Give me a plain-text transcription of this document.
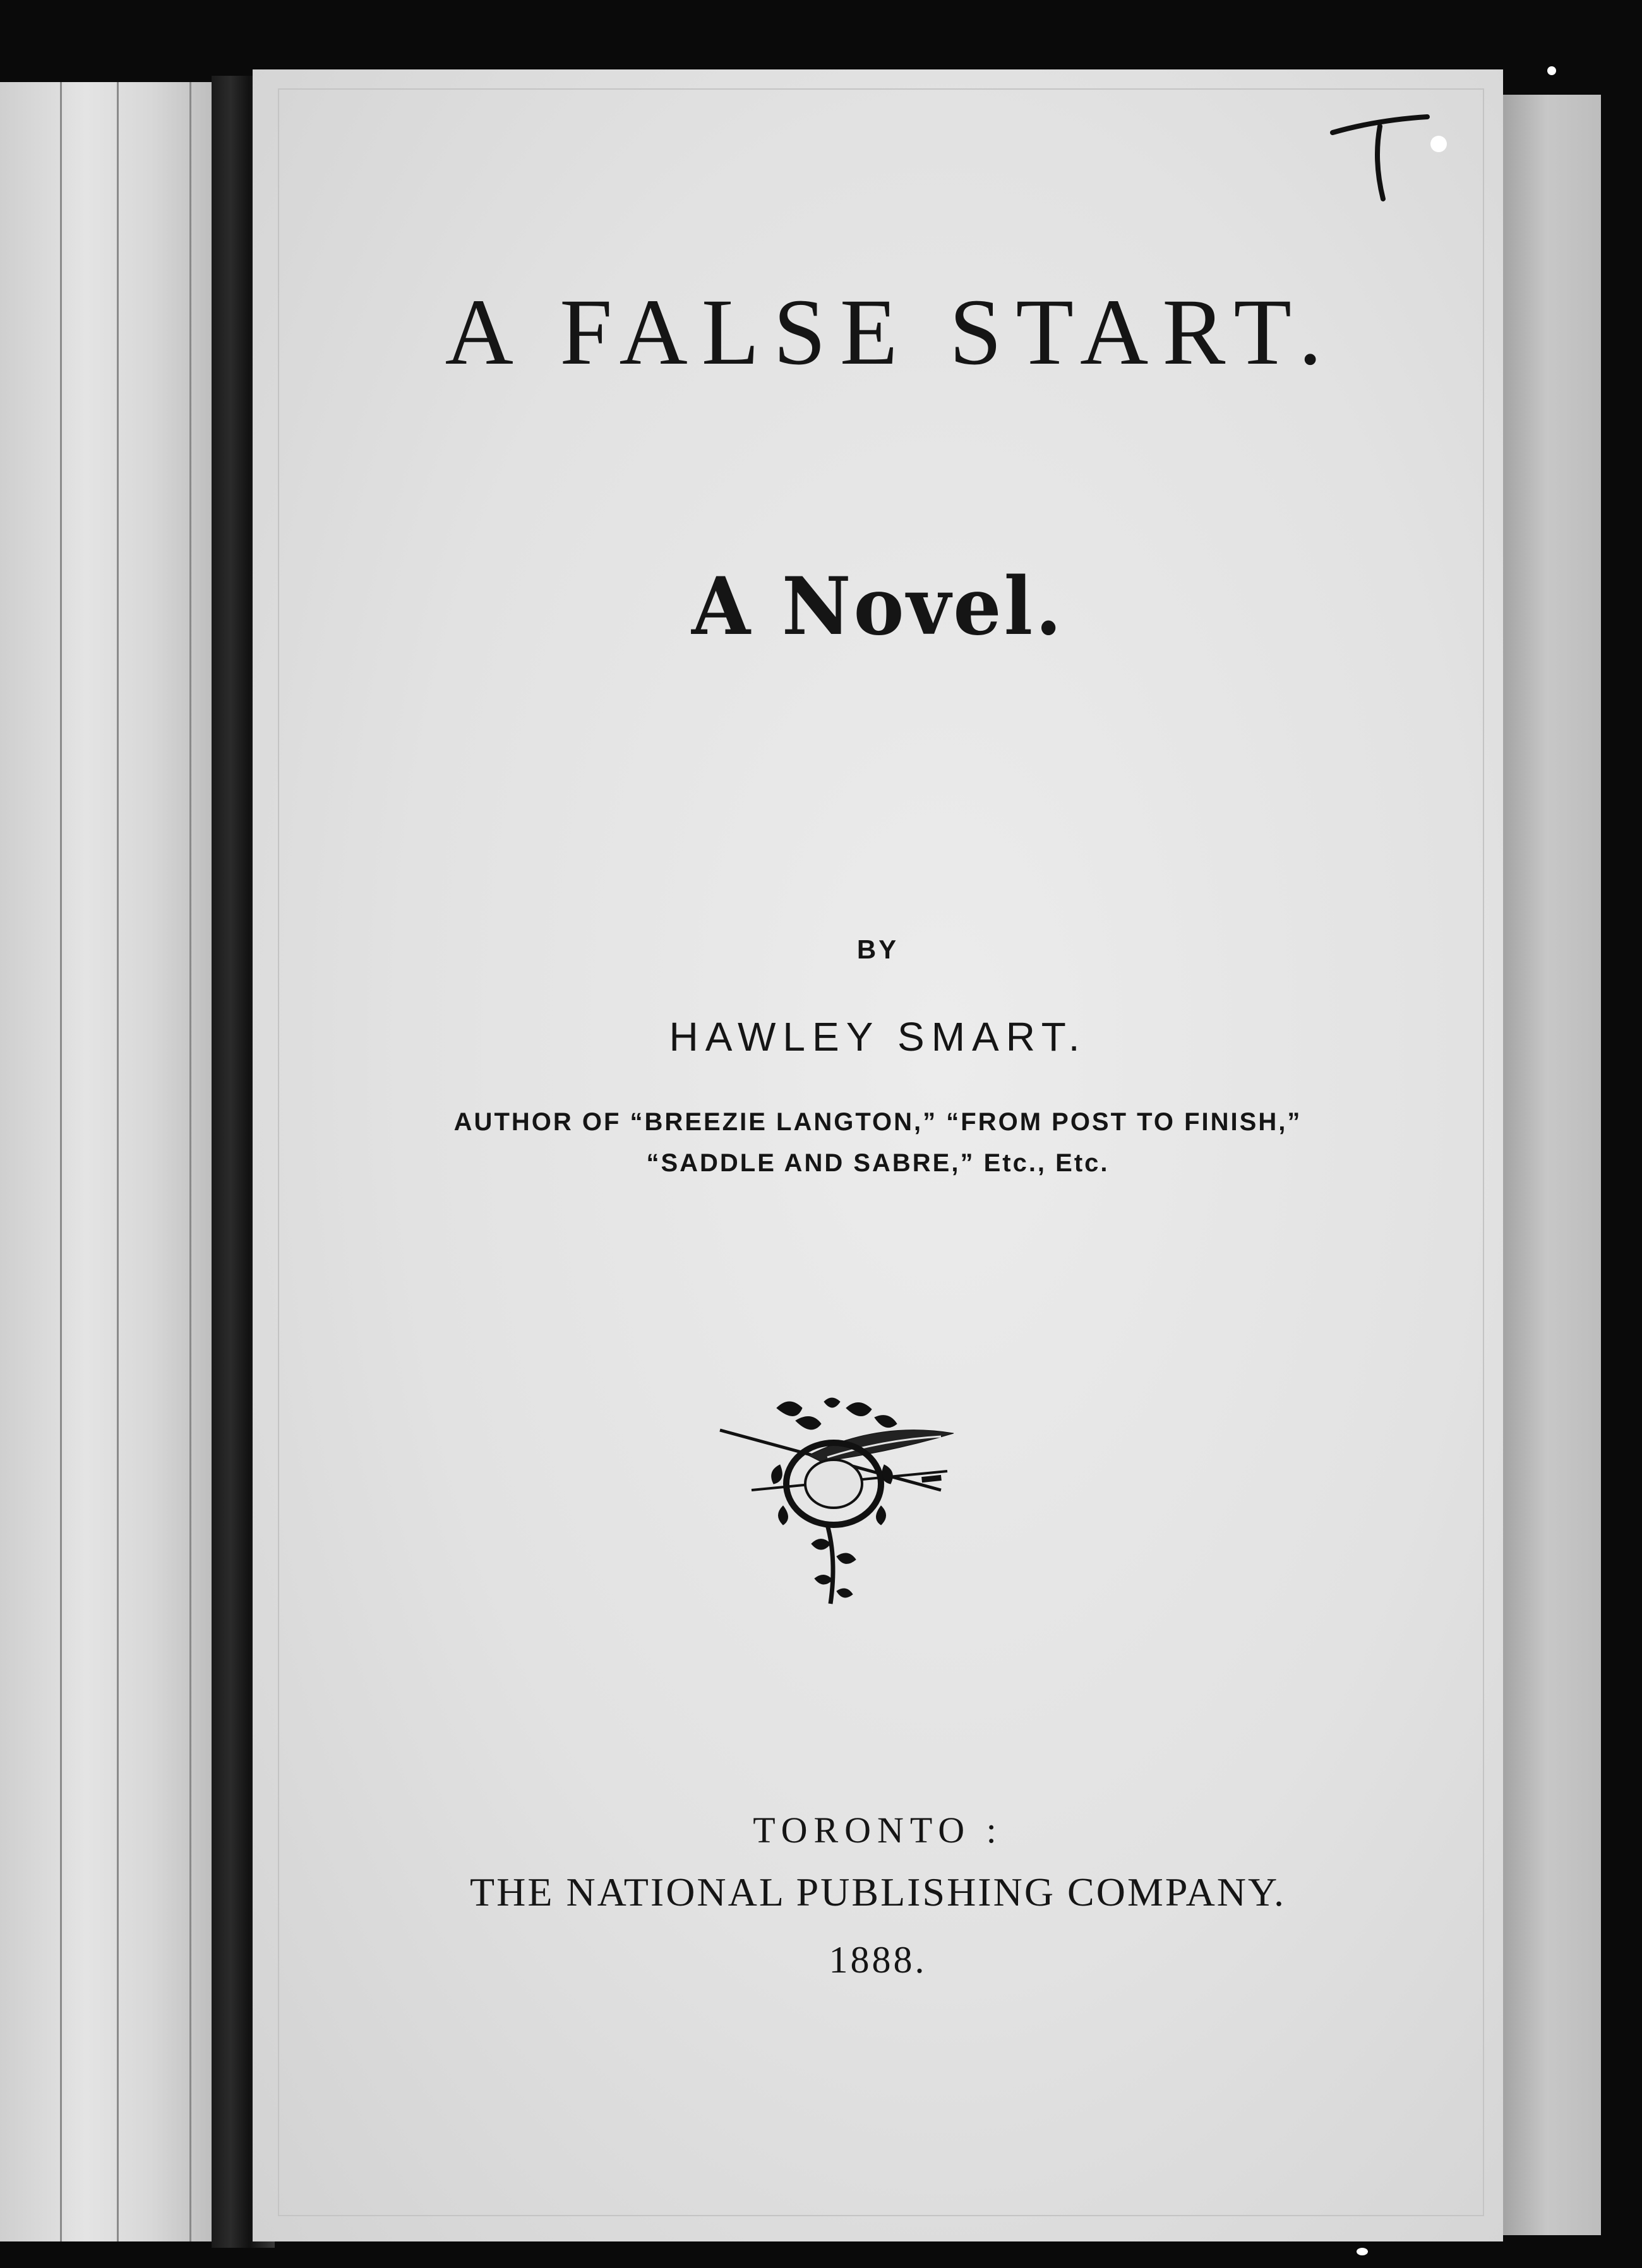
A FALSE START.
A Novel.
BY
HAWLEY SMART.
AUTHOR OF “BREEZIE LANGTON,” “FROM POST TO FINISH,”
“SADDLE AND SABRE,” Etc., Etc.
TORONTO :
THE NATIONAL PUBLISHING COMPANY.
1888.
